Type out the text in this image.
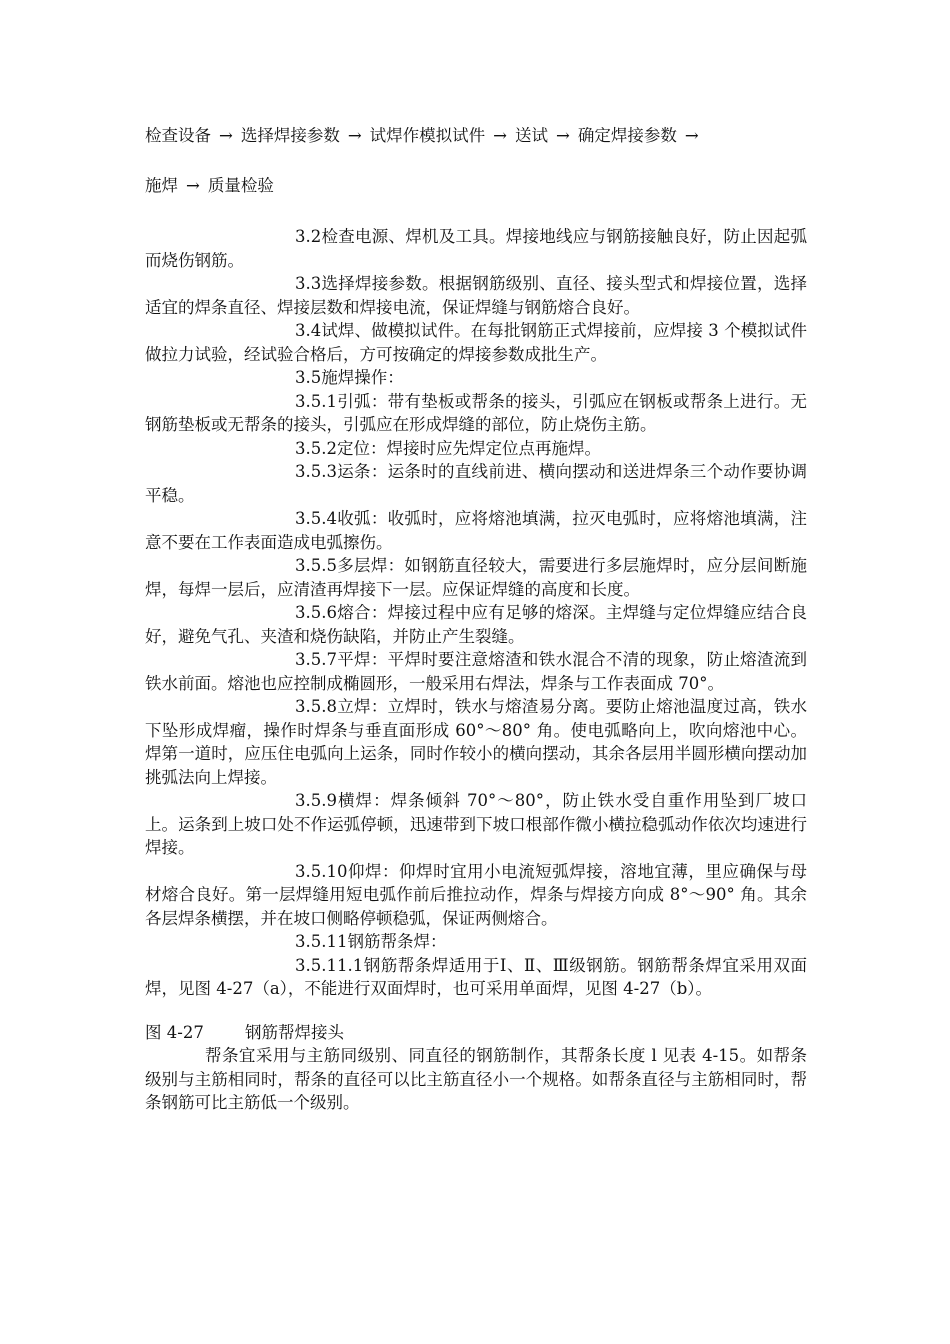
检查设备 → 选择焊接参数 → 试焊作模拟试件 → 送试 → 确定焊接参数 →
施焊 → 质量检验

3.2检查电源、焊机及工具。焊接地线应与钢筋接触良好，防止因起弧而烧伤钢筋。

3.3选择焊接参数。根据钢筋级别、直径、接头型式和焊接位置，选择适宜的焊条直径、焊接层数和焊接电流，保证焊缝与钢筋熔合良好。

3.4试焊、做模拟试件。在每批钢筋正式焊接前，应焊接 3 个模拟试件做拉力试验，经试验合格后，方可按确定的焊接参数成批生产。

3.5施焊操作：

3.5.1引弧：带有垫板或帮条的接头，引弧应在钢板或帮条上进行。无钢筋垫板或无帮条的接头，引弧应在形成焊缝的部位，防止烧伤主筋。

3.5.2定位：焊接时应先焊定位点再施焊。

3.5.3运条：运条时的直线前进、横向摆动和送进焊条三个动作要协调平稳。

3.5.4收弧：收弧时，应将熔池填满，拉灭电弧时，应将熔池填满，注意不要在工作表面造成电弧擦伤。

3.5.5多层焊：如钢筋直径较大，需要进行多层施焊时，应分层间断施焊，每焊一层后，应清渣再焊接下一层。应保证焊缝的高度和长度。

3.5.6熔合：焊接过程中应有足够的熔深。主焊缝与定位焊缝应结合良好，避免气孔、夹渣和烧伤缺陷，并防止产生裂缝。

3.5.7平焊：平焊时要注意熔渣和铁水混合不清的现象，防止熔渣流到铁水前面。熔池也应控制成椭圆形，一般采用右焊法，焊条与工作表面成 70°。

3.5.8立焊：立焊时，铁水与熔渣易分离。要防止熔池温度过高，铁水下坠形成焊瘤，操作时焊条与垂直面形成 60°～80° 角。使电弧略向上，吹向熔池中心。焊第一道时，应压住电弧向上运条，同时作较小的横向摆动，其余各层用半圆形横向摆动加挑弧法向上焊接。

3.5.9横焊：焊条倾斜 70°～80°，防止铁水受自重作用坠到厂坡口上。运条到上坡口处不作运弧停顿，迅速带到下坡口根部作微小横拉稳弧动作依次均速进行焊接。

3.5.10仰焊：仰焊时宜用小电流短弧焊接，溶地宜薄，里应确保与母材熔合良好。第一层焊缝用短电弧作前后推拉动作，焊条与焊接方向成 8°～90° 角。其余各层焊条横摆，并在坡口侧略停顿稳弧，保证两侧熔合。

3.5.11钢筋帮条焊：

3.5.11.1钢筋帮条焊适用于Ⅰ、Ⅱ、Ⅲ级钢筋。钢筋帮条焊宜采用双面焊，见图 4-27（a），不能进行双面焊时，也可采用单面焊，见图 4-27（b）。

图 4-27 钢筋帮焊接头

帮条宜采用与主筋同级别、同直径的钢筋制作，其帮条长度 l 见表 4-15。如帮条级别与主筋相同时，帮条的直径可以比主筋直径小一个规格。如帮条直径与主筋相同时，帮条钢筋可比主筋低一个级别。
